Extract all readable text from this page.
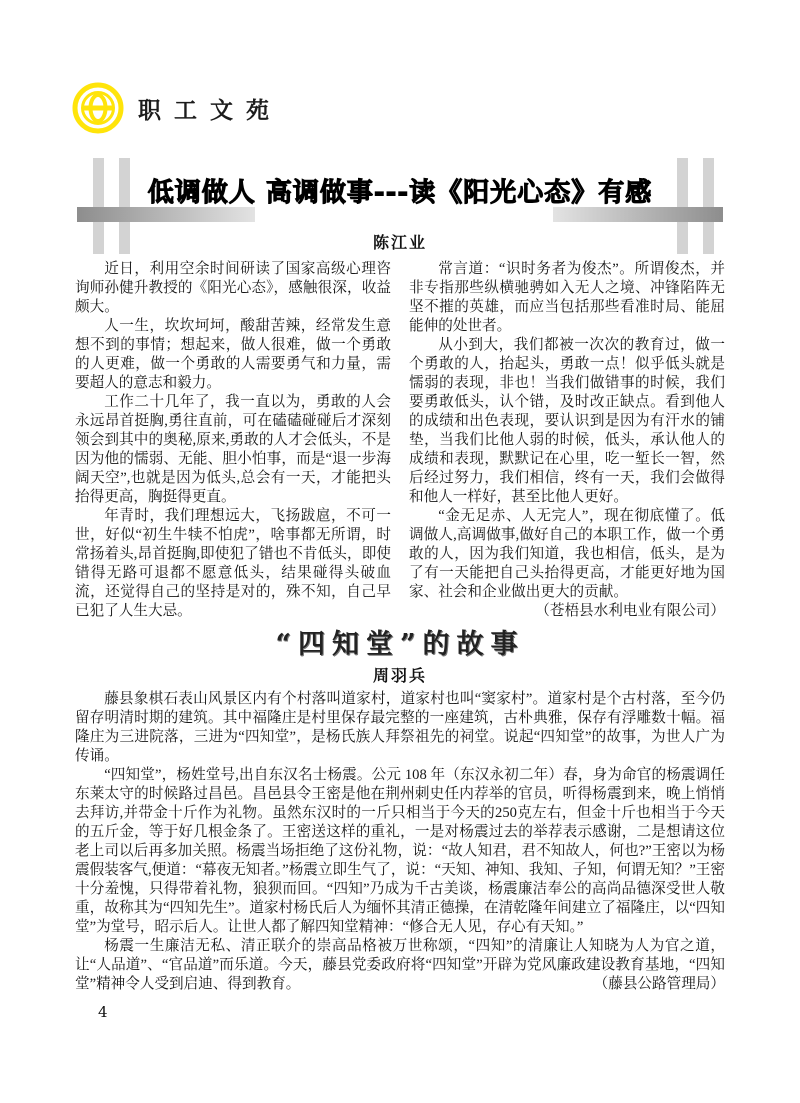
职工文苑
低调做人 高调做事---读《阳光心态》有感
陈江业

近日，利用空余时间研读了国家高级心理咨询师孙健升教授的《阳光心态》，感触很深，收益颇大。

人一生，坎坎坷坷，酸甜苦辣，经常发生意想不到的事情；想起来，做人很难，做一个勇敢的人更难，做一个勇敢的人需要勇气和力量，需要超人的意志和毅力。

工作二十几年了，我一直以为，勇敢的人会永远昂首挺胸,勇往直前，可在磕磕碰碰后才深刻领会到其中的奥秘,原来,勇敢的人才会低头，不是因为他的懦弱、无能、胆小怕事，而是“退一步海阔天空”,也就是因为低头,总会有一天，才能把头抬得更高，胸挺得更直。

年青时，我们理想远大，飞扬跋扈，不可一世，好似“初生牛犊不怕虎”，啥事都无所谓，时常扬着头,昂首挺胸,即使犯了错也不肯低头，即使错得无路可退都不愿意低头，结果碰得头破血流，还觉得自己的坚持是对的，殊不知，自己早已犯了人生大忌。

常言道：“识时务者为俊杰”。所谓俊杰，并非专指那些纵横驰骋如入无人之境、冲锋陷阵无坚不摧的英雄，而应当包括那些看准时局、能屈能伸的处世者。

从小到大，我们都被一次次的教育过，做一个勇敢的人，抬起头，勇敢一点！似乎低头就是懦弱的表现，非也！当我们做错事的时候，我们要勇敢低头，认个错，及时改正缺点。看到他人的成绩和出色表现，要认识到是因为有汗水的铺垫，当我们比他人弱的时候，低头，承认他人的成绩和表现，默默记在心里，吃一堑长一智，然后经过努力，我们相信，终有一天，我们会做得和他人一样好，甚至比他人更好。

“金无足赤、人无完人”，现在彻底懂了。低调做人,高调做事,做好自己的本职工作，做一个勇敢的人，因为我们知道，我也相信，低头，是为了有一天能把自己头抬得更高，才能更好地为国家、社会和企业做出更大的贡献。

（苍梧县水利电业有限公司）

“四知堂”的故事
周羽兵

藤县象棋石表山风景区内有个村落叫道家村，道家村也叫“窦家村”。道家村是个古村落，至今仍留存明清时期的建筑。其中福隆庄是村里保存最完整的一座建筑，古朴典雅，保存有浮雕数十幅。福隆庄为三进院落，三进为“四知堂”，是杨氏族人拜祭祖先的祠堂。说起“四知堂”的故事，为世人广为传诵。

“四知堂”，杨姓堂号,出自东汉名士杨震。公元 108 年（东汉永初二年）春，身为命官的杨震调任东莱太守的时候路过昌邑。昌邑县令王密是他在荆州刺史任内荐举的官员，听得杨震到来，晚上悄悄去拜访,并带金十斤作为礼物。虽然东汉时的一斤只相当于今天的250克左右，但金十斤也相当于今天的五斤金，等于好几根金条了。王密送这样的重礼，一是对杨震过去的举荐表示感谢，二是想请这位老上司以后再多加关照。杨震当场拒绝了这份礼物，说：“故人知君，君不知故人，何也?”王密以为杨震假装客气,便道：“幕夜无知者。”杨震立即生气了，说：“天知、神知、我知、子知，何谓无知？”王密十分羞愧，只得带着礼物，狼狈而回。“四知”乃成为千古美谈，杨震廉洁奉公的高尚品德深受世人敬重，故称其为“四知先生”。道家村杨氏后人为缅怀其清正德操，在清乾隆年间建立了福隆庄，以“四知堂”为堂号，昭示后人。让世人都了解四知堂精神：“修合无人见，存心有天知。”

杨震一生廉洁无私、清正联介的崇高品格被万世称颂，“四知”的清廉让人知晓为人为官之道，让“人品道”、“官品道”而乐道。今天，藤县党委政府将“四知堂”开辟为党风廉政建设教育基地，“四知堂”精神令人受到启迪、得到教育。	（藤县公路管理局）
4
